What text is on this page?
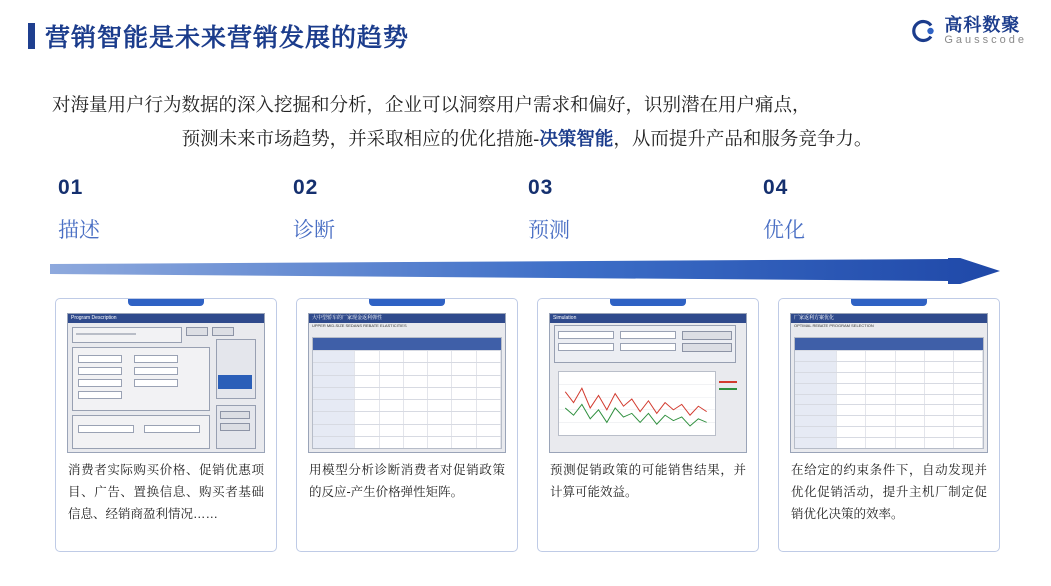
营销智能是未来营销发展的趋势	高科数聚
Gausscode
对海量用户行为数据的深入挖掘和分析，企业可以洞察用户需求和偏好，识别潜在用户痛点，
预测未来市场趋势，并采取相应的优化措施-决策智能，从而提升产品和服务竞争力。
01
描述
02
诊断
03
预测
04
优化
Program Description
消费者实际购买价格、促销优惠项目、广告、置换信息、购买者基础信息、经销商盈利情况……
大中型轿车的厂家现金返利弹性
UPPER MID-SIZE SEDANS REBATE ELASTICITIES
用模型分析诊断消费者对促销政策的反应-产生价格弹性矩阵。
Simulation
预测促销政策的可能销售结果，并计算可能效益。
厂家返利方案优化
OPTIMAL REBATE PROGRAM SELECTION
在给定的约束条件下，自动发现并优化促销活动，提升主机厂制定促销优化决策的效率。
